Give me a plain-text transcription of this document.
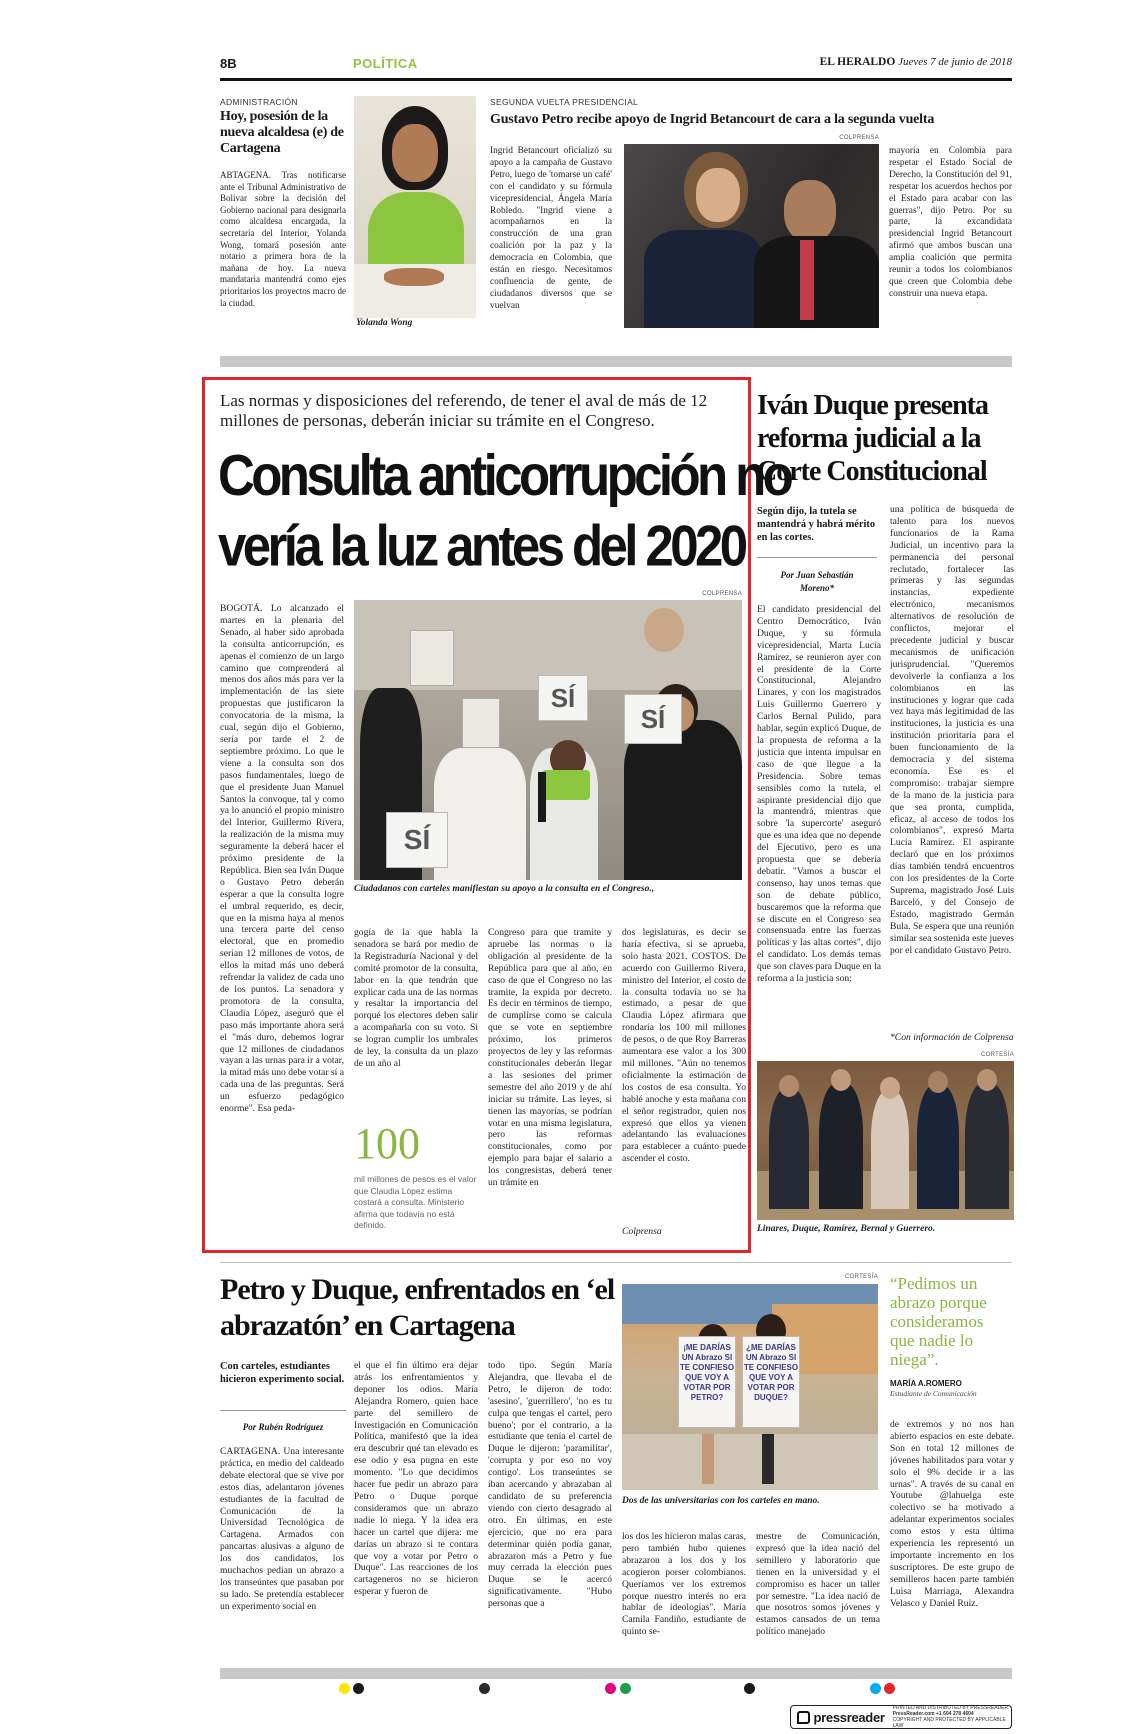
8B	POLÍTICA	EL HERALDO Jueves 7 de junio de 2018
ADMINISTRACIÓN
Hoy, posesión de la nueva alcaldesa (e) de Cartagena
ABTAGENA. Tras notificarse ante el Tribunal Administrativo de Bolívar sobre la decisión del Gobierno nacional para designarla como alcaldesa encargada, la secretaria del Interior, Yolanda Wong, tomará posesión ante notario a primera hora de la mañana de hoy. La nueva mandataria mantendrá como ejes prioritarios los proyectos macro de la ciudad.
Yolanda Wong
SEGUNDA VUELTA PRESIDENCIAL
Gustavo Petro recibe apoyo de Ingrid Betancourt de cara a la segunda vuelta
Ingrid Betancourt oficializó su apoyo a la campaña de Gustavo Petro, luego de 'tomarse un café' con el candidato y su fórmula vicepresidencial, Ángela María Robledo. "Ingrid viene a acompañarnos en la construcción de una gran coalición por la paz y la democracia en Colombia, que están en riesgo. Necesitamos confluencia de gente, de ciudadanos diversos que se vuelvan
COLPRENSA
mayoría en Colombia para respetar el Estado Social de Derecho, la Constitución del 91, respetar los acuerdos hechos por el Estado para acabar con las guerras", dijo Petro. Por su parte, la excandidata presidencial Ingrid Betancourt afirmó que ambos buscan una amplia coalición que permita reunir a todos los colombianos que creen que Colombia debe construir una nueva etapa.
Las normas y disposiciones del referendo, de tener el aval de más de 12 millones de personas, deberán iniciar su trámite en el Congreso.
Consulta anticorrupción no
vería la luz antes del 2020
COLPRENSA
SÍ
SÍ
SÍ
Ciudadanos con carteles manifiestan su apoyo a la consulta en el Congreso.,
BOGOTÁ. Lo alcanzado el martes en la plenaria del Senado, al haber sido aprobada la consulta anticorrupción, es apenas el comienzo de un largo camino que comprenderá al menos dos años más para ver la implementación de las siete propuestas que justificaron la convocatoria de la misma, la cual, según dijo el Gobierno, sería por tarde el 2 de septiembre próximo. Lo que le viene a la consulta son dos pasos fundamentales, luego de que el presidente Juan Manuel Santos la convoque, tal y como ya lo anunció el propio ministro del Interior, Guillermo Rivera, la realización de la misma muy seguramente la deberá hacer el próximo presidente de la República. Bien sea Iván Duque o Gustavo Petro deberán esperar a que la consulta logre el umbral requerido, es decir, que en la misma haya al menos una tercera parte del censo electoral, que en promedio serían 12 millones de votos, de ellos la mitad más uno deberá refrendar la validez de cada uno de los puntos. La senadora y promotora de la consulta, Claudia López, aseguró que el paso más importante ahora será el "más duro, debemos lograr que 12 millones de ciudadanos vayan a las urnas para ir a votar, la mitad más uno debe votar sí a cada una de las preguntas. Será un esfuerzo pedagógico enorme". Esa peda-
gogía de la que habla la senadora se hará por medio de la Registraduría Nacional y del comité promotor de la consulta, labor en la que tendrán que explicar cada una de las normas y resaltar la importancia del porqué los electores deben salir a acompañarla con su voto. Si se logran cumplir los umbrales de ley, la consulta da un plazo de un año al
100
mil millones de pesos es el valor que Claudia López estima costará a consulta. Ministerio afirma que todavía no está definido.
Congreso para que tramite y apruebe las normas o la obligación al presidente de la República para que al año, en caso de que el Congreso no las tramite, la expida por decreto. Es decir en términos de tiempo, de cumplirse como se calcula que se vote en septiembre próximo, los primeros proyectos de ley y las reformas constitucionales deberán llegar a las sesiones del primer semestre del año 2019 y de ahí iniciar su trámite. Las leyes, si tienen las mayorías, se podrían votar en una misma legislatura, pero las reformas constitucionales, como por ejemplo para bajar el salario a los congresistas, deberá tener un trámite en
dos legislaturas, es decir se haría efectiva, si se aprueba, solo hasta 2021. COSTOS. De acuerdo con Guillermo Rivera, ministro del Interior, el costo de la consulta todavía no se ha estimado, a pesar de que Claudia López afirmara que rondaría los 100 mil millones de pesos, o de que Roy Barreras aumentara ese valor a los 300 mil millones. "Aún no tenemos oficialmente la estimación de los costos de esa consulta. Yo hablé anoche y esta mañana con el señor registrador, quien nos expresó que ellos ya vienen adelantando las evaluaciones para establecer a cuánto puede ascender el costo.
Colprensa
Iván Duque presenta reforma judicial a la Corte Constitucional
Según dijo, la tutela se mantendrá y habrá mérito en las cortes.
Por Juan Sebastián Moreno*
El candidato presidencial del Centro Democrático, Iván Duque, y su fórmula vicepresidencial, Marta Lucía Ramírez, se reunieron ayer con el presidente de la Corte Constitucional, Alejandro Linares, y con los magistrados Luis Guillermo Guerrero y Carlos Bernal Pulido, para hablar, según explicó Duque, de la propuesta de reforma a la justicia que intenta impulsar en caso de que llegue a la Presidencia. Sobre temas sensibles como la tutela, el aspirante presidencial dijo que la mantendrá, mientras que sobre 'la supercorte' aseguró que es una idea que no depende del Ejecutivo, pero es una propuesta que se debería debatir. "Vamos a buscar el consenso, hay unos temas que son de debate público, buscaremos que la reforma que se discute en el Congreso sea consensuada entre las fuerzas políticas y las altas cortes", dijo el candidato. Los demás temas que son claves para Duque en la reforma a la justicia son:
una política de búsqueda de talento para los nuevos funcionarios de la Rama Judicial, un incentivo para la permanencia del personal reclutado, fortalecer las primeras y las segundas instancias, expediente electrónico, mecanismos alternativos de resolución de conflictos, mejorar el precedente judicial y buscar mecanismos de unificación jurisprudencial. "Queremos devolverle la confianza a los colombianos en las instituciones y lograr que cada vez haya más legitimidad de las instituciones, la justicia es una institución prioritaria para el buen funcionamiento de la democracia y del sistema economía. Ese es el compromiso: trabajar siempre de la mano de la justicia para que sea pronta, cumplida, eficaz, al acceso de todos los colombianos", expresó Marta Lucía Ramírez. El aspirante declaró que en los próximos días también tendrá encuentros con los presidentes de la Corte Suprema, magistrado José Luis Barceló, y del Consejo de Estado, magistrado Germán Bula. Se espera que una reunión similar sea sostenida este jueves por el candidato Gustavo Petro.
*Con información de Colprensa
CORTESÍA
Linares, Duque, Ramírez, Bernal y Guerrero.
Petro y Duque, enfrentados en ‘el abrazatón’ en Cartagena
Con carteles, estudiantes hicieron experimento social.
Por Rubén Rodríguez
CARTAGENA. Una interesante práctica, en medio del caldeado debate electoral que se vive por estos días, adelantaron jóvenes estudiantes de la facultad de Comunicación de la Universidad Tecnológica de Cartagena. Armados con pancartas alusivas a alguno de los dos candidatos, los muchachos pedían un abrazo a los transeúntes que pasaban por su lado. Se pretendía establecer un experimento social en
el que el fin último era dejar atrás los enfrentamientos y deponer los odios. María Alejandra Romero, quien hace parte del semillero de Investigación en Comunicación Política, manifestó que la idea era descubrir qué tan elevado es ese odio y esa pugna en este momento. "Lo que decidimos hacer fue pedir un abrazo para Petro o Duque porque consideramos que un abrazo nadie lo niega. Y la idea era hacer un cartel que dijera: me darías un abrazo si te contara que voy a votar por Petro o Duque". Las reacciones de los cartageneros no se hicieron esperar y fueron de
todo tipo. Según María Alejandra, que llevaba el de Petro, le dijeron de todo: 'asesino', 'guerrillero', 'no es tu culpa que tengas el cartel, pero bueno'; por el contrario, a la estudiante que tenía el cartel de Duque le dijeron: 'paramilitar', 'corrupta y por eso no voy contigo'. Los transeúntes se iban acercando y abrazaban al candidato de su preferencia viendo con cierto desagrado al otro. En últimas, en este ejercicio, que no era para determinar quién podía ganar, abrazaron más a Petro y fue muy cerrada la elección pues Duque se le acercó significativamente. "Hubo personas que a
CORTESÍA
¡ME DARÍAS UN Abrazo SI TE CONFIESO QUE VOY A VOTAR POR PETRO?
¿ME DARÍAS UN Abrazo SI TE CONFIESO QUE VOY A VOTAR POR DUQUE?
Dos de las universitarias con los carteles en mano.
los dos les hicieron malas caras, pero también hubo quienes abrazaron a los dos y los acogieron porser colombianos. Queríamos ver los extremos porque nuestro interés no era hablar de ideologías". María Camila Fandiño, estudiante de quinto se-
mestre de Comunicación, expresó que la idea nació del semillero y laboratorio que tienen en la universidad y el compromiso es hacer un taller por semestre. "La idea nació de que nosotros somos jóvenes y estamos cansados de un tema político manejado
“Pedimos un abrazo porque consideramos que nadie lo niega”.
MARÍA A.ROMERO
Estudiante de Comunicación
de extremos y no nos han abierto espacios en este debate. Son en total 12 millones de jóvenes habilitados para votar y solo el 9% decide ir a las urnas". A través de su canal en Youtube @lahuelga este colectivo se ha motivado a adelantar experimentos sociales como estos y esta última experiencia les representó un importante incremento en los suscriptores. De este grupo de semilleros hacen parte también Luisa Marriaga, Alexandra Velasco y Daniel Ruiz.
pressreader
PRINTED AND DISTRIBUTED BY PRESSREADER
PressReader.com +1 604 278 4604
COPYRIGHT AND PROTECTED BY APPLICABLE LAW
